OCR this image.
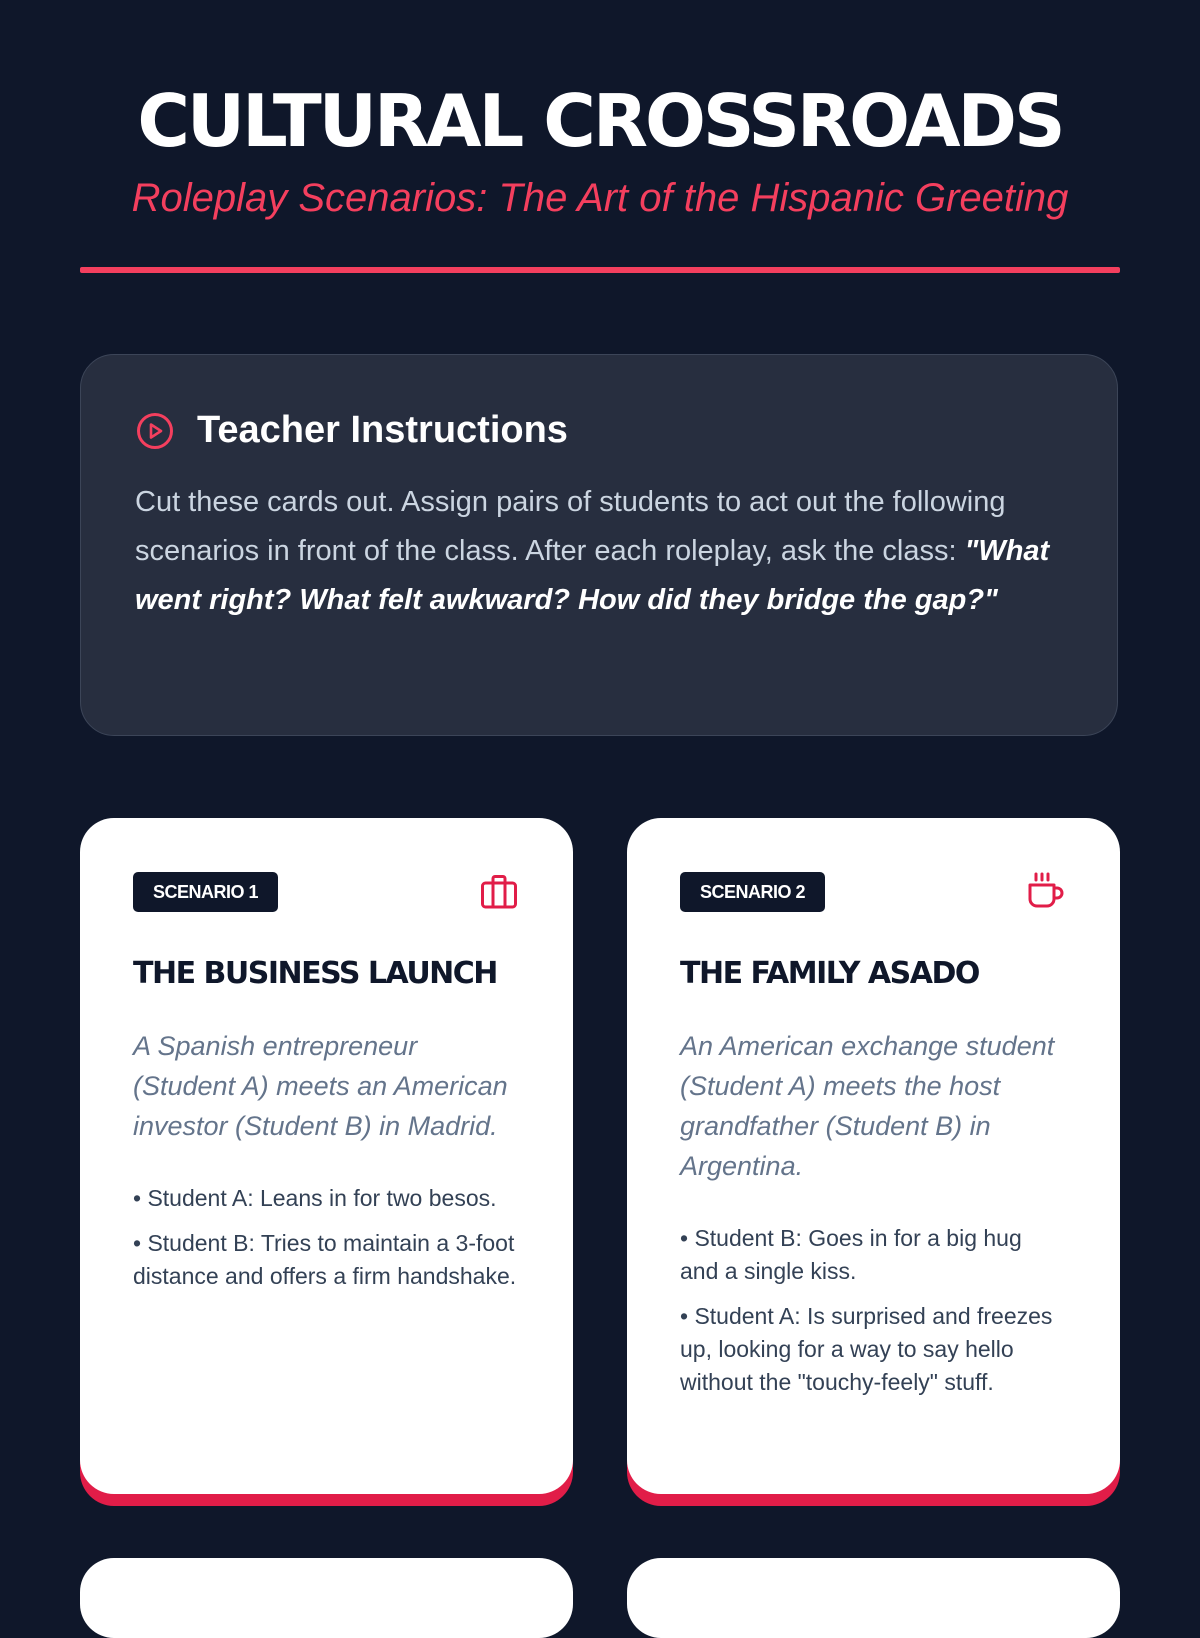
CULTURAL CROSSROADS
Roleplay Scenarios: The Art of the Hispanic Greeting
Teacher Instructions

Cut these cards out. Assign pairs of students to act out the following scenarios in front of the class. After each roleplay, ask the class: "What went right? What felt awkward? How did they bridge the gap?"

SCENARIO 1
THE BUSINESS LAUNCH

A Spanish entrepreneur (Student A) meets an American investor (Student B) in Madrid.

• Student A: Leans in for two besos.
• Student B: Tries to maintain a 3-foot distance and offers a firm handshake.
SCENARIO 2
THE FAMILY ASADO

An American exchange student (Student A) meets the host grandfather (Student B) in Argentina.

• Student B: Goes in for a big hug and a single kiss.
• Student A: Is surprised and freezes up, looking for a way to say hello without the "touchy-feely" stuff.
